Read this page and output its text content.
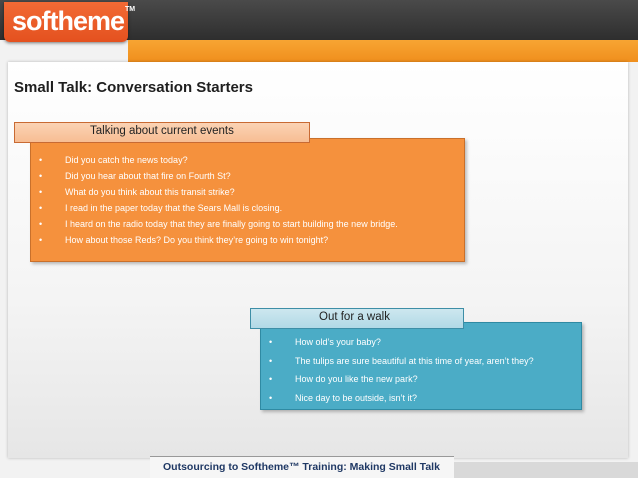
softheme™
Small Talk: Conversation Starters
•	Did you catch the news today?
•	Did you hear about that fire on Fourth St?
•	What do you think about this transit strike?
•	I read in the paper today that the Sears Mall is closing.
•	I heard on the radio today that they are finally going to start building the new bridge.
•	How about those Reds? Do you think they’re going to win tonight?
Talking about current events
•	How old’s your baby?
•	The tulips are sure beautiful at this time of year, aren’t they?
•	How do you like the new park?
•	Nice day to be outside, isn’t it?
Out for a walk
Outsourcing to Softheme™ Training: Making Small Talk
